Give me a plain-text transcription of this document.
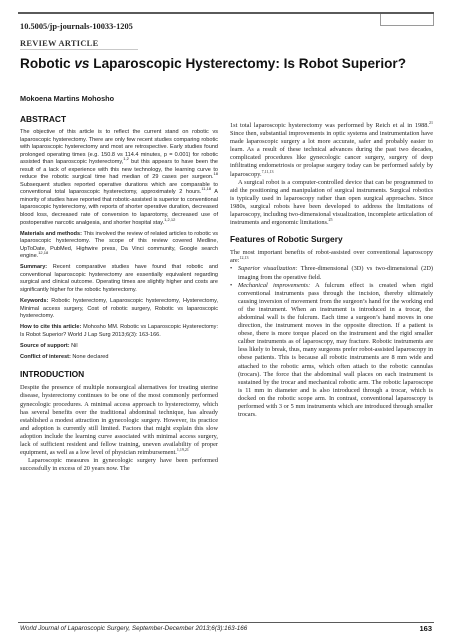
10.5005/jp-journals-10033-1205
REVIEW ARTICLE
Robotic vs Laparoscopic Hysterectomy: Is Robot Superior?
Mokoena Martins Mohosho
ABSTRACT

The objective of this article is to reflect the current stand on robotic vs laparoscopic hysterectomy. There are only few recent studies comparing robotic with laparoscopic hysterectomy and most are retrospective. Early studies found prolonged operating times (e.g. 150.8 vs 114.4 minutes, p = 0.001) for robotic assisted than laparoscopic hysterectomy,$^{1,2}$ but this appears to have been the result of a lack of experience with this new technology, the learning curve to reduce the robotic surgical time had median of 29 cases per surgeon.$^{18}$ Subsequent studies reported operative durations which are comparable to conventional total laparoscopic hysterectomy, approximately 2 hours.$^{11,18}$ A minority of studies have reported that robotic-assisted is superior to conventional laparoscopic hysterectomy, with reports of shorter operative duration, decreased blood loss, decreased rate of conversion to laparotomy, decreased use of postoperative narcotic analgesia, and shorter hospital stay.$^{1,2,12}$

Materials and methods: This involved the review of related articles to robotic vs laparoscopic hysterectomy. The scope of this review covered Medline, UpToDate, PubMed, Highwire press, Da Vinci community, Google search engine.$^{12,18}$

Summary: Recent comparative studies have found that robotic and conventional laparoscopic hysterectomy are essentially equivalent regarding surgical and clinical outcome. Operating times are slightly higher and costs are significantly higher for the robotic hysterectomy.

Keywords: Robotic hysterectomy, Laparoscopic hysterectomy, Hysterectomy, Minimal access surgery, Cost of robotic surgery, Robotic vs laparoscopic hysterectomy.

How to cite this article: Mohosho MM. Robotic vs Laparoscopic Hysterectomy: Is Robot Superior? World J Lap Surg 2013;6(3): 163-166.

Source of support: Nil

Conflict of interest: None declared

INTRODUCTION

Despite the presence of multiple nonsurgical alternatives for treating uterine disease, hysterectomy continues to be one of the most commonly performed gynecologic procedures. A minimal access approach to hysterectomy, which has several benefits over the traditional abdominal technique, has already established a modest attraction in gynecologic surgery. However, its practice and adoption is currently still limited. Factors that might explain this slow adoption include the learning curve associated with minimal access surgery, lack of sufficient resident and fellow training, uneven availability of proper equipment, as well as a low level of physician reimbursement.$^{1,19,21}$

Laparoscopic measures in gynecologic surgery have been performed successfully in excess of 20 years now. The

1st total laparoscopic hysterectomy was performed by Reich et al in 1988.21 Since then, substantial improvements in optic systems and instrumentation have made laparoscopic surgery a lot more accurate, safer and probably easier to learn. As a result of these technical advances during the past two decades, complicated procedures like gynecologic cancer surgery, surgery of deep infiltrating endometriosis or prolapse surgery today can be performed safely by laparoscopy.$^{7,11,13}$

A surgical robot is a computer-controlled device that can be programmed to aid the positioning and manipulation of surgical instruments. Surgical robotics is typically used in laparoscopy rather than open surgical approaches. Since 1980s, surgical robots have been developed to address the limitations of laparoscopy, including two-dimensional visualization, incomplete articulation of instruments and ergonomic limitations.$^{25}$

Features of Robotic Surgery

The most important benefits of robot-assisted over conventional laparoscopy are:$^{12,13}$

• Superior visualization: Three-dimensional (3D) vs two-dimensional (2D) imaging from the operative field.
• Mechanical improvements: A fulcrum effect is created when rigid conventional instruments pass through the incision, thereby ultimately causing inversion of movement from the surgeon’s hand for the working end of the instrument. When an instrument is introduced in a trocar, the abdominal wall is the fulcrum. Each time a surgeon’s hand moves in one direction, the instrument moves in the opposite direction. If a patient is obese, there is more torque placed on the instrument and the rigid smaller caliber instruments as of laparoscopy, may fracture. Robotic instruments are less likely to break, thus, many surgeons prefer robot-assisted laparoscopy in obese patients. This is because all robotic instruments are 8 mm wide and attached to the robotic arms, which often attach to the robotic cannulas (trocars). The force that the abdominal wall places on each instrument is sustained by the trocar and mechanical robotic arm. The robotic laparoscope is 11 mm in diameter and is also introduced through a trocar, which is docked on the robotic scope arm. In contrast, conventional laparoscopy is performed with 3 or 5 mm instruments which are introduced through smaller trocars.
World Journal of Laparoscopic Surgery, September-December 2013;6(3):163-166	163
